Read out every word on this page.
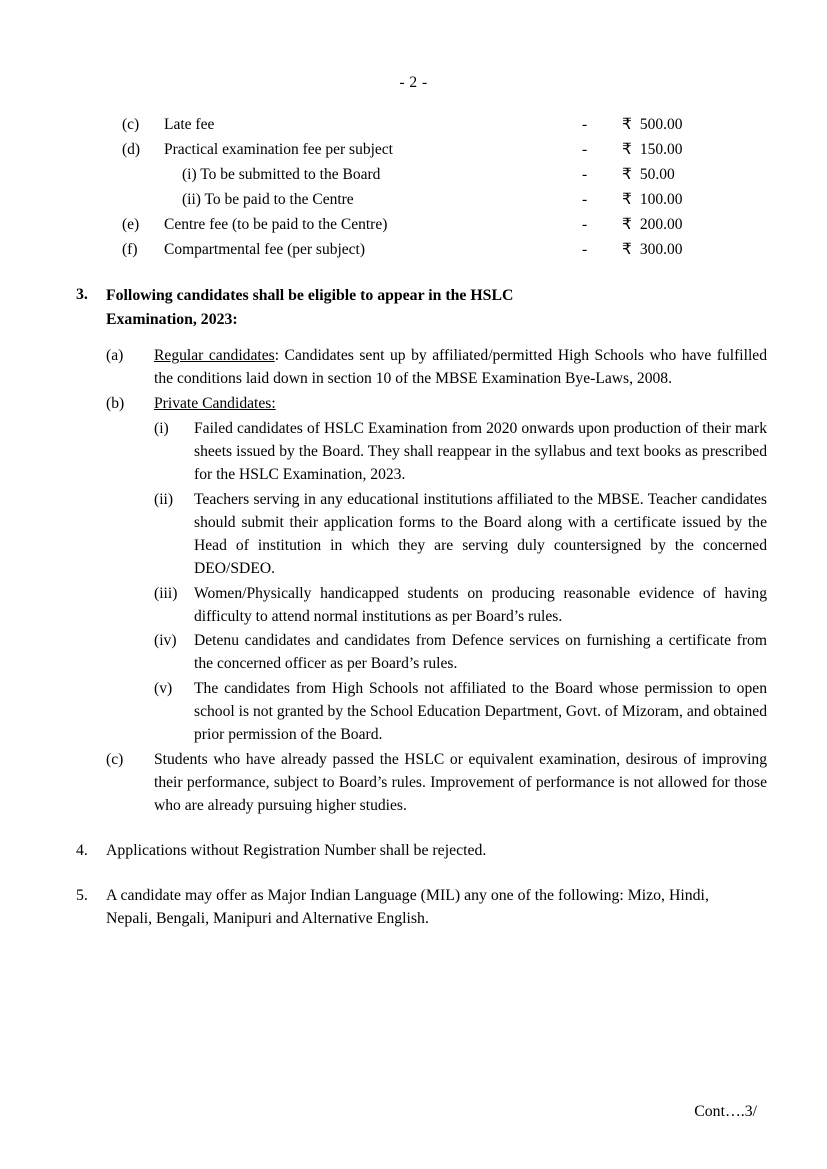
- 2 -
(c)	Late fee	-	₹ 500.00
(d)	Practical examination fee per subject	-	₹ 150.00
	(i) To be submitted to the Board	-	₹ 50.00
	(ii) To be paid to the Centre	-	₹ 100.00
(e)	Centre fee (to be paid to the Centre)	-	₹ 200.00
(f)	Compartmental fee (per subject)	-	₹ 300.00
3.	Following candidates shall be eligible to appear in the HSLC Examination, 2023:
(a)	Regular candidates: Candidates sent up by affiliated/permitted High Schools who have fulfilled the conditions laid down in section 10 of the MBSE Examination Bye-Laws, 2008.
(b)	Private Candidates:
(i)	Failed candidates of HSLC Examination from 2020 onwards upon production of their mark sheets issued by the Board. They shall reappear in the syllabus and text books as prescribed for the HSLC Examination, 2023.
(ii)	Teachers serving in any educational institutions affiliated to the MBSE. Teacher candidates should submit their application forms to the Board along with a certificate issued by the Head of institution in which they are serving duly countersigned by the concerned DEO/SDEO.
(iii)	Women/Physically handicapped students on producing reasonable evidence of having difficulty to attend normal institutions as per Board’s rules.
(iv)	Detenu candidates and candidates from Defence services on furnishing a certificate from the concerned officer as per Board’s rules.
(v)	The candidates from High Schools not affiliated to the Board whose permission to open school is not granted by the School Education Department, Govt. of Mizoram, and obtained prior permission of the Board.
(c)	Students who have already passed the HSLC or equivalent examination, desirous of improving their performance, subject to Board’s rules. Improvement of performance is not allowed for those who are already pursuing higher studies.
4.	Applications without Registration Number shall be rejected.
5.	A candidate may offer as Major Indian Language (MIL) any one of the following: Mizo, Hindi, Nepali, Bengali, Manipuri and Alternative English.
Cont….3/
